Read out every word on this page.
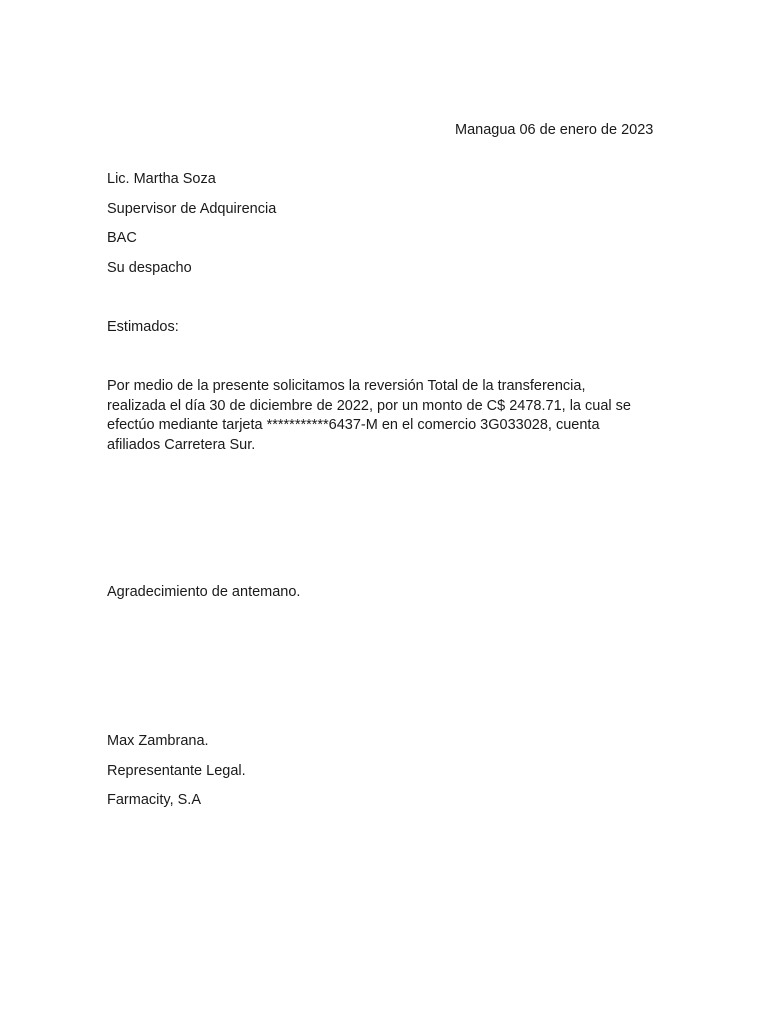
Managua 06 de enero de 2023
Lic. Martha Soza
Supervisor de Adquirencia
BAC
Su despacho
Estimados:
Por medio de la presente solicitamos la reversión Total de la transferencia,
realizada el día 30 de diciembre de 2022, por un monto de C$ 2478.71, la cual se
efectúo mediante tarjeta ***********6437-M en el comercio 3G033028, cuenta
afiliados Carretera Sur.
Agradecimiento de antemano.
Max Zambrana.
Representante Legal.
Farmacity, S.A
